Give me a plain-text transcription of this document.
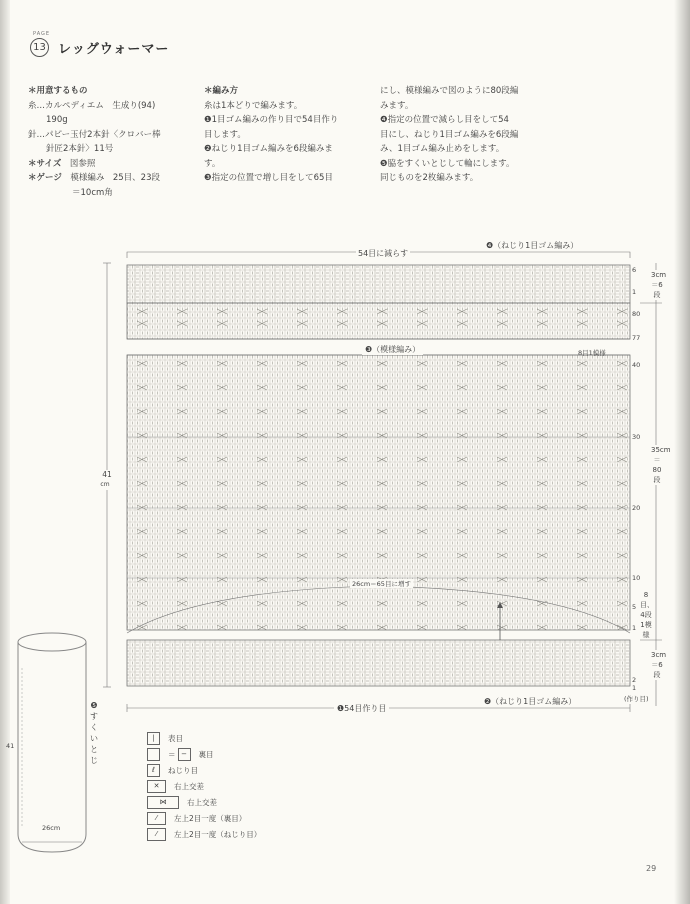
PAGE
13 レッグウォーマー

＊用意するもの

糸…カルペディエム　生成り(94)

190g

針…パピー玉付2本針〈クロバー棒

針匠2本針〉11号

＊サイズ　 図参照

＊ゲージ　 模様編み　25目、23段

＝10cm角

＊編み方

糸は1本どりで編みます。

❶1目ゴム編みの作り目で54目作り

目します。

❷ねじり1目ゴム編みを6段編みま

す。

❸指定の位置で増し目をして65目

にし、模様編みで図のように80段編

みます。

❹指定の位置で減らし目をして54

目にし、ねじり1目ゴム編みを6段編

み、1目ゴム編み止めをします。

❺脇をすくいとじして輪にします。

同じものを2枚編みます。

54目に減らす
❹（ねじり1目ゴム編み）
❸（模様編み）	8目1模様
26cm＝65目に増す
❷（ねじり1目ゴム編み）
❶54目作り目
41
cm
3cm＝6段
35cm＝80段
8目、4段1模様
3cm＝6段
(作り目)
6
1
80
77
40
30
20
10
5
1
2
1
❺すくいとじ
41
26cm
|	表目
＝ −	裏目
ℓ	ねじり目
✕	右上交差
⋈	右上交差
⁄	左上2目一度（裏目）
⁄	左上2目一度（ねじり目）
29
